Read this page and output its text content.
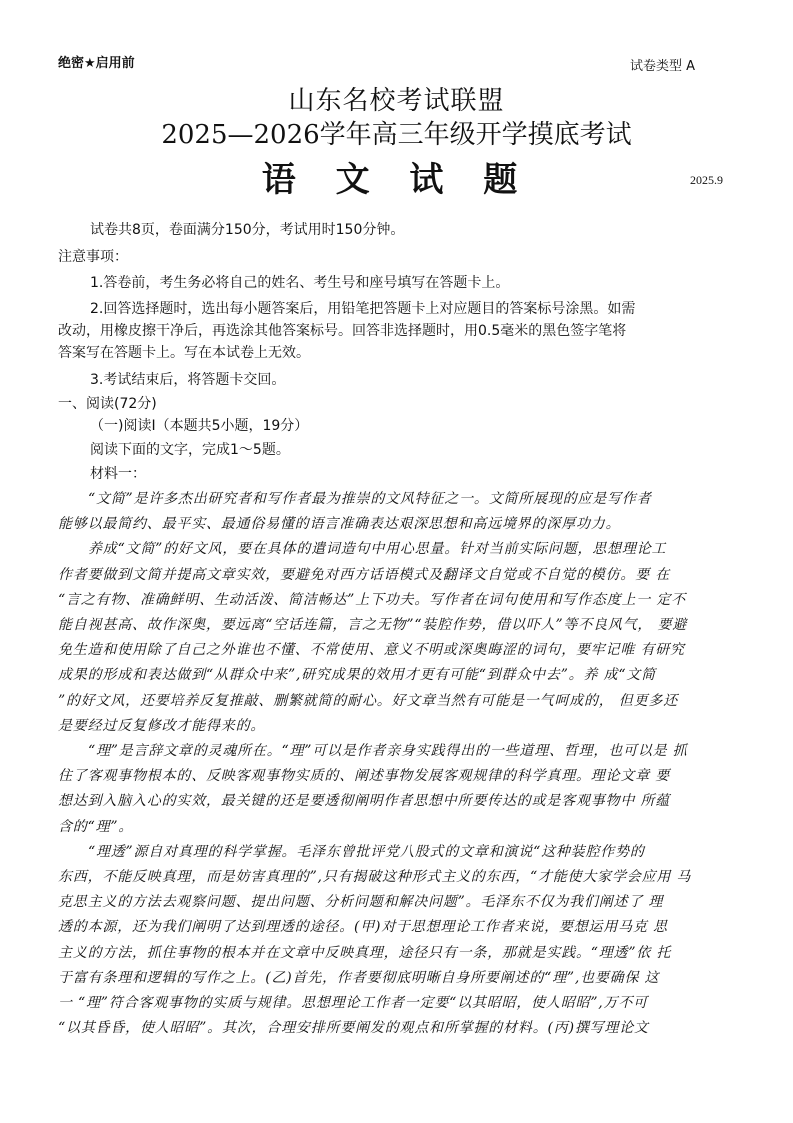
绝密★启用前	试卷类型 A
山东名校考试联盟
2025—2026学年高三年级开学摸底考试
语 文 试 题	2025.9
试卷共8页，卷面满分150分，考试用时150分钟。
注意事项：
1.答卷前，考生务必将自己的姓名、考生号和座号填写在答题卡上。
2.回答选择题时，选出每小题答案后，用铅笔把答题卡上对应题目的答案标号涂黑。如需
改动，用橡皮擦干净后，再选涂其他答案标号。回答非选择题时，用0.5毫米的黑色签字笔将
答案写在答题卡上。写在本试卷上无效。
3.考试结束后，将答题卡交回。
一、阅读(72分)
（一)阅读I（本题共5小题，19分）
阅读下面的文字，完成1～5题。
材料一：
“文简”是许多杰出研究者和写作者最为推崇的文风特征之一。文简所展现的应是写作者
能够以最简约、最平实、最通俗易懂的语言准确表达艰深思想和高远境界的深厚功力。
养成“文简”的好文风，要在具体的遣词造句中用心思量。针对当前实际问题，思想理论工
作者要做到文简并提高文章实效，要避免对西方话语模式及翻译文自觉或不自觉的模仿。要 在
“言之有物、准确鲜明、生动活泼、简洁畅达”上下功夫。写作者在词句使用和写作态度上一 定不
能自视甚高、故作深奥，要远离“空话连篇，言之无物”“装腔作势，借以吓人”等不良风气， 要避
免生造和使用除了自己之外谁也不懂、不常使用、意义不明或深奥晦涩的词句，要牢记唯 有研究
成果的形成和表达做到“从群众中来”,研究成果的效用才更有可能“到群众中去”。养 成“文简
”的好文风，还要培养反复推敲、删繁就简的耐心。好文章当然有可能是一气呵成的， 但更多还
是要经过反复修改才能得来的。
“理”是言辞文章的灵魂所在。“理”可以是作者亲身实践得出的一些道理、哲理，也可以是 抓
住了客观事物根本的、反映客观事物实质的、阐述事物发展客观规律的科学真理。理论文章 要
想达到入脑入心的实效，最关键的还是要透彻阐明作者思想中所要传达的或是客观事物中 所蕴
含的“理”。
“理透”源自对真理的科学掌握。毛泽东曾批评党八股式的文章和演说“这种装腔作势的
东西，不能反映真理，而是妨害真理的”,只有揭破这种形式主义的东西，“才能使大家学会应用 马
克思主义的方法去观察问题、提出问题、分析问题和解决问题”。毛泽东不仅为我们阐述了 理
透的本源，还为我们阐明了达到理透的途径。(甲)对于思想理论工作者来说，要想运用马克 思
主义的方法，抓住事物的根本并在文章中反映真理，途径只有一条，那就是实践。“理透”依 托
于富有条理和逻辑的写作之上。(乙)首先，作者要彻底明晰自身所要阐述的“理”,也要确保 这
一 “理”符合客观事物的实质与规律。思想理论工作者一定要“以其昭昭，使人昭昭”,万不可
“以其昏昏，使人昭昭”。其次，合理安排所要阐发的观点和所掌握的材料。(丙)撰写理论文
